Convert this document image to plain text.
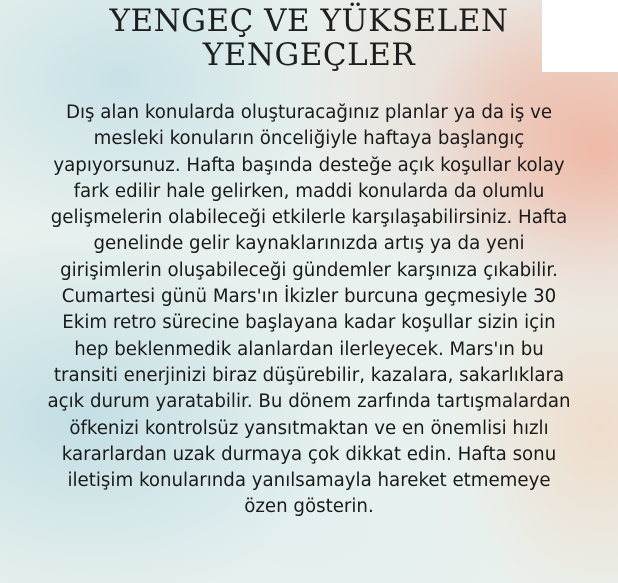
YENGEÇ VE YÜKSELEN
YENGEÇLER

Dış alan konularda oluşturacağınız planlar ya da iş ve
mesleki konuların önceliğiyle haftaya başlangıç
yapıyorsunuz. Hafta başında desteğe açık koşullar kolay
fark edilir hale gelirken, maddi konularda da olumlu
gelişmelerin olabileceği etkilerle karşılaşabilirsiniz. Hafta
genelinde gelir kaynaklarınızda artış ya da yeni
girişimlerin oluşabileceği gündemler karşınıza çıkabilir.
Cumartesi günü Mars'ın İkizler burcuna geçmesiyle 30
Ekim retro sürecine başlayana kadar koşullar sizin için
hep beklenmedik alanlardan ilerleyecek. Mars'ın bu
transiti enerjinizi biraz düşürebilir, kazalara, sakarlıklara
açık durum yaratabilir. Bu dönem zarfında tartışmalardan
öfkenizi kontrolsüz yansıtmaktan ve en önemlisi hızlı
kararlardan uzak durmaya çok dikkat edin. Hafta sonu
iletişim konularında yanılsamayla hareket etmemeye
özen gösterin.
